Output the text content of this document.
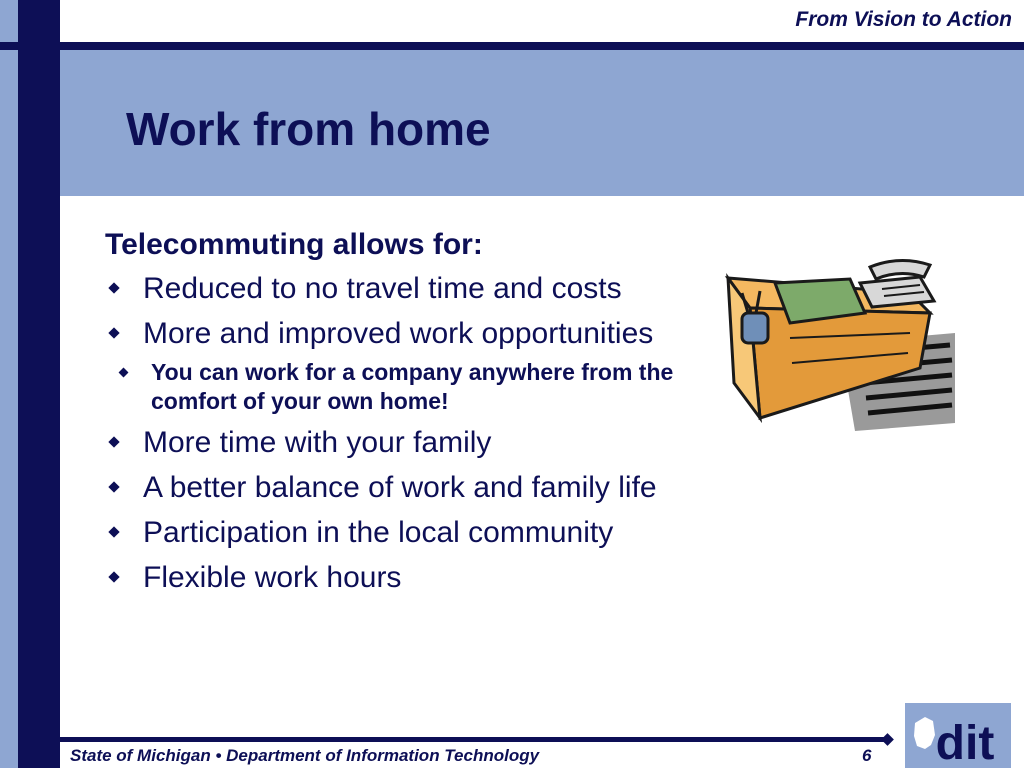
From Vision to Action
Work from home

Telecommuting allows for:

Reduced to no travel time and costs
More and improved work opportunities
You can work for a company anywhere from the comfort of your own home!
More time with your family
A better balance of work and family life
Participation in the local community
Flexible work hours
State of Michigan • Department of Information Technology	6 dit
